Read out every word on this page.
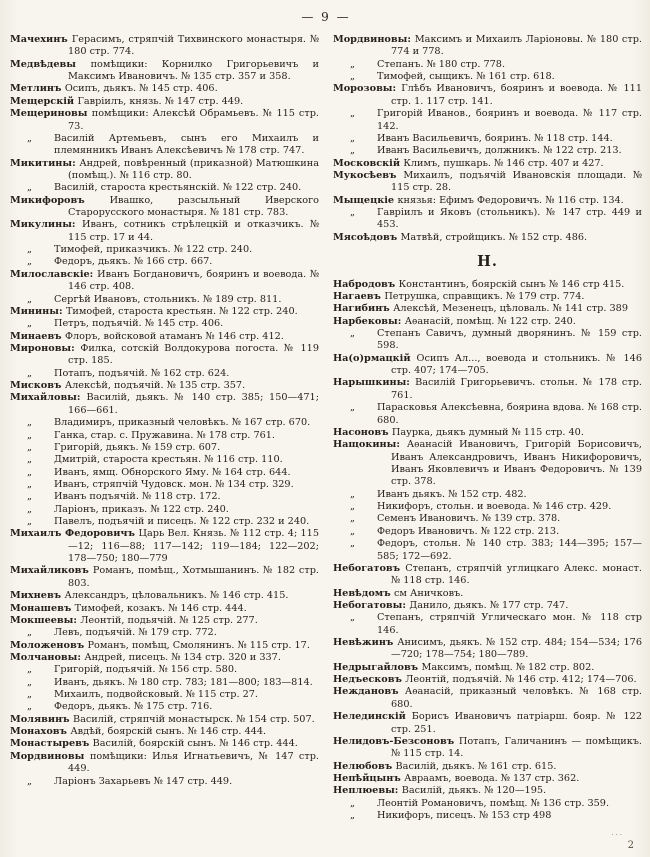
— 9 —
Мачехинъ Герасимъ, стряпчій Тихвинского монастыря. № 180 стр. 774.
Медвѣдевы помѣщики: Корнилко Григорьевичъ и Максимъ Ивановичъ. № 135 стр. 357 и 358.
Метлинъ Осипъ, дьякъ. № 145 стр. 406.
Мещерскій Гавріилъ, князь. № 147 стр. 449.
Мещериновы помѣщики: Алексѣй Обрамьевъ. № 115 стр. 73.
„	Василій Артемьевъ, сынъ его Михаилъ и племянникъ Иванъ Алексѣевичъ № 178 стр. 747.
Микитины: Андрей, повѣренный (приказной) Матюшкина (помѣщ.). № 116 стр. 80.
„	Василій, староста крестьянскій. № 122 стр. 240.
Микифоровъ Ивашко, разсыльный Иверского Старорусского монастыря. № 181 стр. 783.
Микулины: Иванъ, сотникъ стрѣлецкій и отказчикъ. № 115 стр. 17 и 44.
„	Тимофей, приказчикъ. № 122 стр. 240.
„	Федоръ, дьякъ. № 166 стр. 667.
Милославскіе: Иванъ Богдановичъ, бояринъ и воевода. № 146 стр. 408.
„	Сергѣй Ивановъ, стольникъ. № 189 стр. 811.
Минины: Тимофей, староста крестьян. № 122 стр. 240.
„	Петръ, подъячій. № 145 стр. 406.
Минаевъ Флоръ, войсковой атаманъ № 146 стр. 412.
Мироновы: Филка, сотскій Волдокурова погоста. № 119 стр. 185.
„	Потапъ, подъячій. № 162 стр. 624.
Мисковъ Алексѣй, подъячій. № 135 стр. 357.
Михайловы: Василій, дьякъ. № 140 стр. 385; 150—471; 166—661.
„	Владимиръ, приказный человѣкъ. № 167 стр. 670.
„	Ганка, стар. с. Пружавина. № 178 стр. 761.
„	Григорій, дьякъ. № 159 стр. 607.
„	Дмитрій, староста крестьян. № 116 стр. 110.
„	Иванъ, ямщ. Обнорского Яму. № 164 стр. 644.
„	Иванъ, стряпчій Чудовск. мон. № 134 стр. 329.
„	Иванъ подъячій. № 118 стр. 172.
„	Ларіонъ, приказъ. № 122 стр. 240.
„	Павелъ, подъячій и писецъ. № 122 стр. 232 и 240.
Михаилъ Федоровичъ Царь Вел. Князь. № 112 стр. 4; 115—12; 116—88; 117—142; 119—184; 122—202; 178—750; 180—779
Михайликовъ Романъ, помѣщ., Хотмышанинъ. № 182 стр. 803.
Михневъ Александръ, цѣловальникъ. № 146 стр. 415.
Монашевъ Тимофей, козакъ. № 146 стр. 444.
Мокшеевы: Леонтій, подьячій. № 125 стр. 277.
„	Левъ, подъячій. № 179 стр. 772.
Моложеновъ Романъ, помѣщ, Смолянинъ. № 115 стр. 17.
Молчановы: Андрей, писецъ. № 134 стр. 320 и 337.
„	Григорій, подъячій. № 156 стр. 580.
„	Иванъ, дьякъ. № 180 стр. 783; 181—800; 183—814.
„	Михаилъ, подвойсковый. № 115 стр. 27.
„	Федоръ, дьякъ. № 175 стр. 716.
Молявинъ Василій, стряпчій монастырск. № 154 стр. 507.
Монаховъ Авдѣй, боярскій сынъ. № 146 стр. 444.
Монастыревъ Василій, боярскій сынъ. № 146 стр. 444.
Мордвиновы помѣщики: Илья Игнатьевичъ, № 147 стр. 449.
„	Ларіонъ Захарьевъ № 147 стр. 449.
Мордвиновы: Максимъ и Михаилъ Ларіоновы. № 180 стр. 774 и 778.
„	Степанъ. № 180 стр. 778.
„	Тимофей, сыщикъ. № 161 стр. 618.
Морозовы: Глѣбъ Ивановичъ, бояринъ и воевода. № 111 стр. 1. 117 стр. 141.
„	Григорій Иванов., бояринъ и воевода. № 117 стр. 142.
„	Иванъ Васильевичъ, бояринъ. № 118 стр. 144.
„	Иванъ Васильевичъ, должникъ. № 122 стр. 213.
Московскій Климъ, пушкарь. № 146 стр. 407 и 427.
Мукосѣевъ Михаилъ, подъячій Ивановскія площади. № 115 стр. 28.
Мыщецкіе князья: Ефимъ Федоровичъ. № 116 стр. 134.
„	Гавріилъ и Яковъ (стольникъ). № 147 стр. 449 и 453.
Мясоѣдовъ Матвѣй, стройщикъ. № 152 стр. 486.
Н.
Набродовъ Константинъ, боярскій сынъ № 146 стр 415.
Нагаевъ Петрушка, справщикъ. № 179 стр. 774.
Нагибинъ Алексѣй, Мезенецъ, цѣловаль. № 141 стр. 389
Нарбековы: Аѳанасій, помѣщ. № 122 стр. 240.
„	Степанъ Савичъ, думный дворянинъ. № 159 стр. 598.
На(о)рмацкій Осипъ Ал..., воевода и стольникъ. № 146 стр. 407; 174—705.
Нарышкины: Василій Григорьевичъ. стольн. № 178 стр. 761.
„	Парасковья Алексѣевна, боярина вдова. № 168 стр. 680.
Насоновъ Паурка, дьякъ думный № 115 стр. 40.
Нащокины: Аѳанасій Ивановичъ, Григорій Борисовичъ, Иванъ Александровичъ, Иванъ Никифоровичъ, Иванъ Яковлевичъ и Иванъ Федоровичъ. № 139 стр. 378.
„	Иванъ дьякъ. № 152 стр. 482.
„	Никифоръ, стольн. и воевода. № 146 стр. 429.
„	Семенъ Ивановичъ. № 139 стр. 378.
„	Федоръ Ивановичъ. № 122 стр. 213.
„	Федоръ, стольн. № 140 стр. 383; 144—395; 157—585; 172—692.
Небогатовъ Степанъ, стряпчій углицкаго Алекс. монаст. № 118 стр. 146.
Невѣдомъ см Аничковъ.
Небогатовы: Данило, дьякъ. № 177 стр. 747.
„	Степанъ, стряпчій Углическаго мон. № 118 стр 146.
Невѣжинъ Анисимъ, дьякъ. № 152 стр. 484; 154—534; 176—720; 178—754; 180—789.
Недрыгайловъ Максимъ, помѣщ. № 182 стр. 802.
Недъесковъ Леонтій, подъячій. № 146 стр. 412; 174—706.
Неждановъ Аѳанасій, приказный человѣкъ. № 168 стр. 680.
Нелединскій Борисъ Ивановичъ патріарш. бояр. № 122 стр. 251.
Нелидовъ-Безсоновъ Потапъ, Галичанинъ — помѣщикъ. № 115 стр. 14.
Нелюбовъ Василій, дьякъ. № 161 стр. 615.
Непѣйцынъ Авраамъ, воевода. № 137 стр. 362.
Неплюевы: Василій, дьякъ. № 120—195.
„	Леонтій Романовичъ, помѣщ. № 136 стр. 359.
„	Никифоръ, писецъ. № 153 стр 498
···
2
